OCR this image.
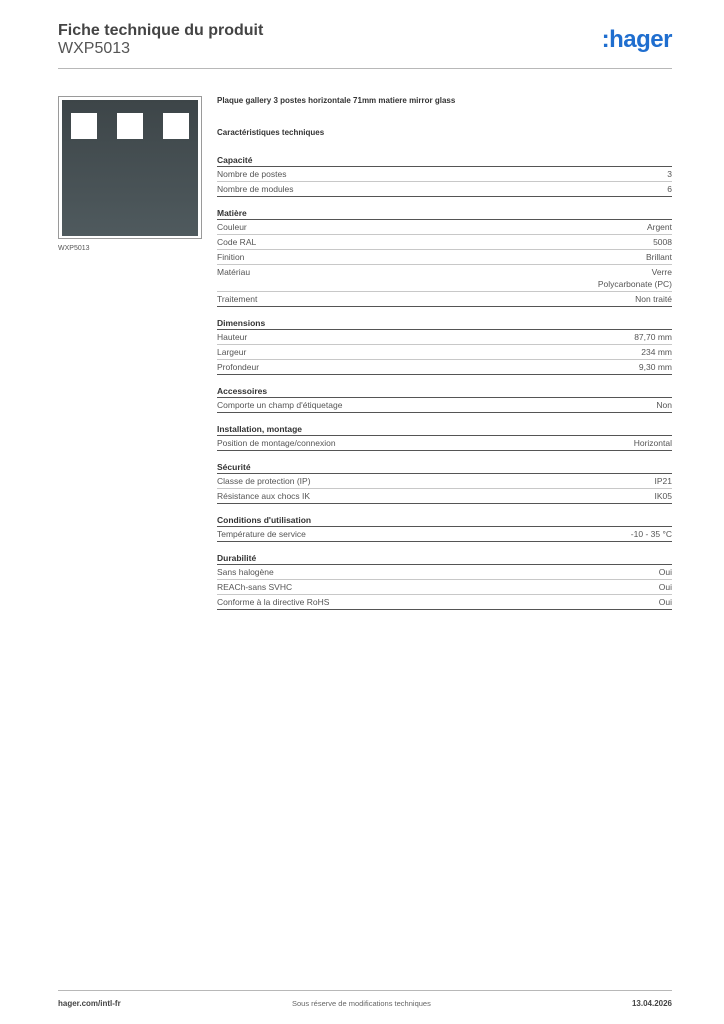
Fiche technique du produit
WXP5013	:hager
WXP5013
Plaque gallery 3 postes horizontale 71mm matiere mirror glass
Caractéristiques techniques
Capacité
Nombre de postes	3
Nombre de modules	6
Matière
Couleur	Argent
Code RAL	5008
Finition	Brillant
Matériau	Verre
Polycarbonate (PC)
Traitement	Non traité
Dimensions
Hauteur	87,70 mm
Largeur	234 mm
Profondeur	9,30 mm
Accessoires
Comporte un champ d'étiquetage	Non
Installation, montage
Position de montage/connexion	Horizontal
Sécurité
Classe de protection (IP)	IP21
Résistance aux chocs IK	IK05
Conditions d'utilisation
Température de service	-10 - 35 °C
Durabilité
Sans halogène	Oui
REACh-sans SVHC	Oui
Conforme à la directive RoHS	Oui
hager.com/intl-fr	Sous réserve de modifications techniques	13.04.2026
